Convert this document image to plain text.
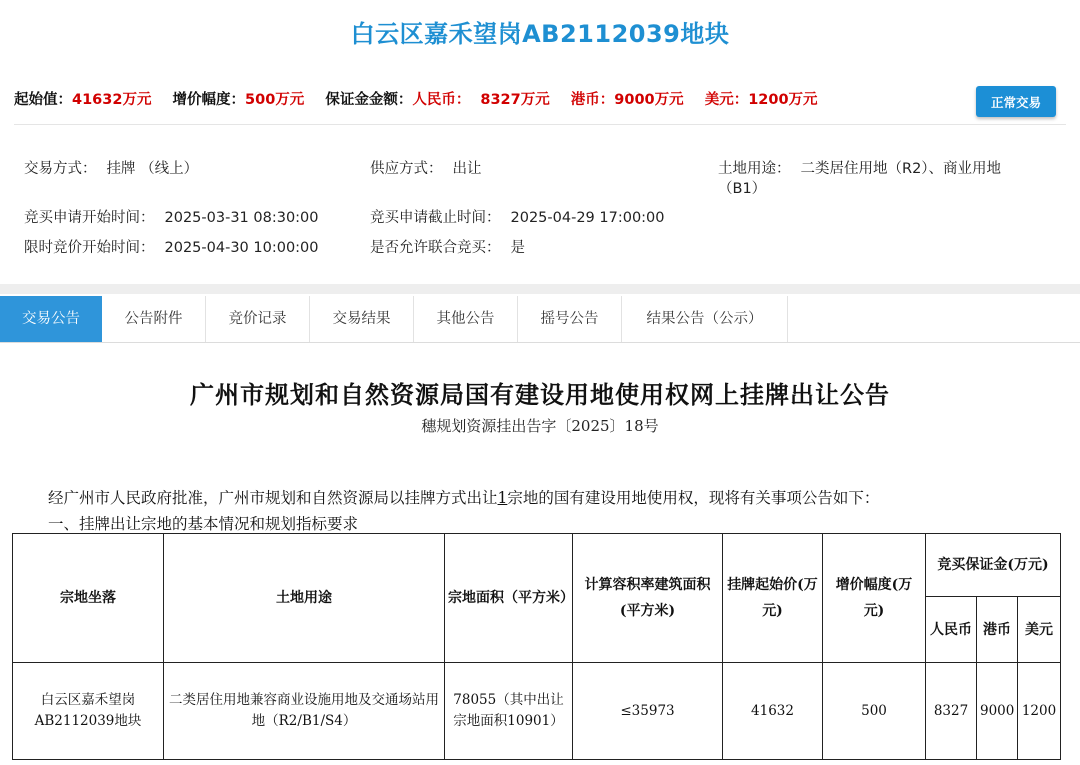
白云区嘉禾望岗AB2112039地块
起始值：41632万元 增价幅度：500万元 保证金金额：人民币： 8327万元 港币：9000万元 美元：1200万元	正常交易
交易方式： 挂牌 （线上）	供应方式： 出让	土地用途： 二类居住用地（R2）、商业用地（B1）
竞买申请开始时间： 2025-03-31 08:30:00	竞买申请截止时间： 2025-04-29 17:00:00
限时竞价开始时间： 2025-04-30 10:00:00	是否允许联合竞买： 是
交易公告	公告附件	竞价记录	交易结果	其他公告	摇号公告	结果公告（公示）
广州市规划和自然资源局国有建设用地使用权网上挂牌出让公告
穗规划资源挂出告字〔2025〕18号
经广州市人民政府批准，广州市规划和自然资源局以挂牌方式出让1宗地的国有建设用地使用权，现将有关事项公告如下：
一、挂牌出让宗地的基本情况和规划指标要求
宗地坐落	土地用途	宗地面积（平方米）	计算容积率建筑面积(平方米)	挂牌起始价(万元)	增价幅度(万元)	竞买保证金(万元)		
						人民币	港币	美元
白云区嘉禾望岗AB2112039地块	二类居住用地兼容商业设施用地及交通场站用地（R2/B1/S4）	78055（其中出让宗地面积10901）	≤35973	41632	500	8327	9000	1200
